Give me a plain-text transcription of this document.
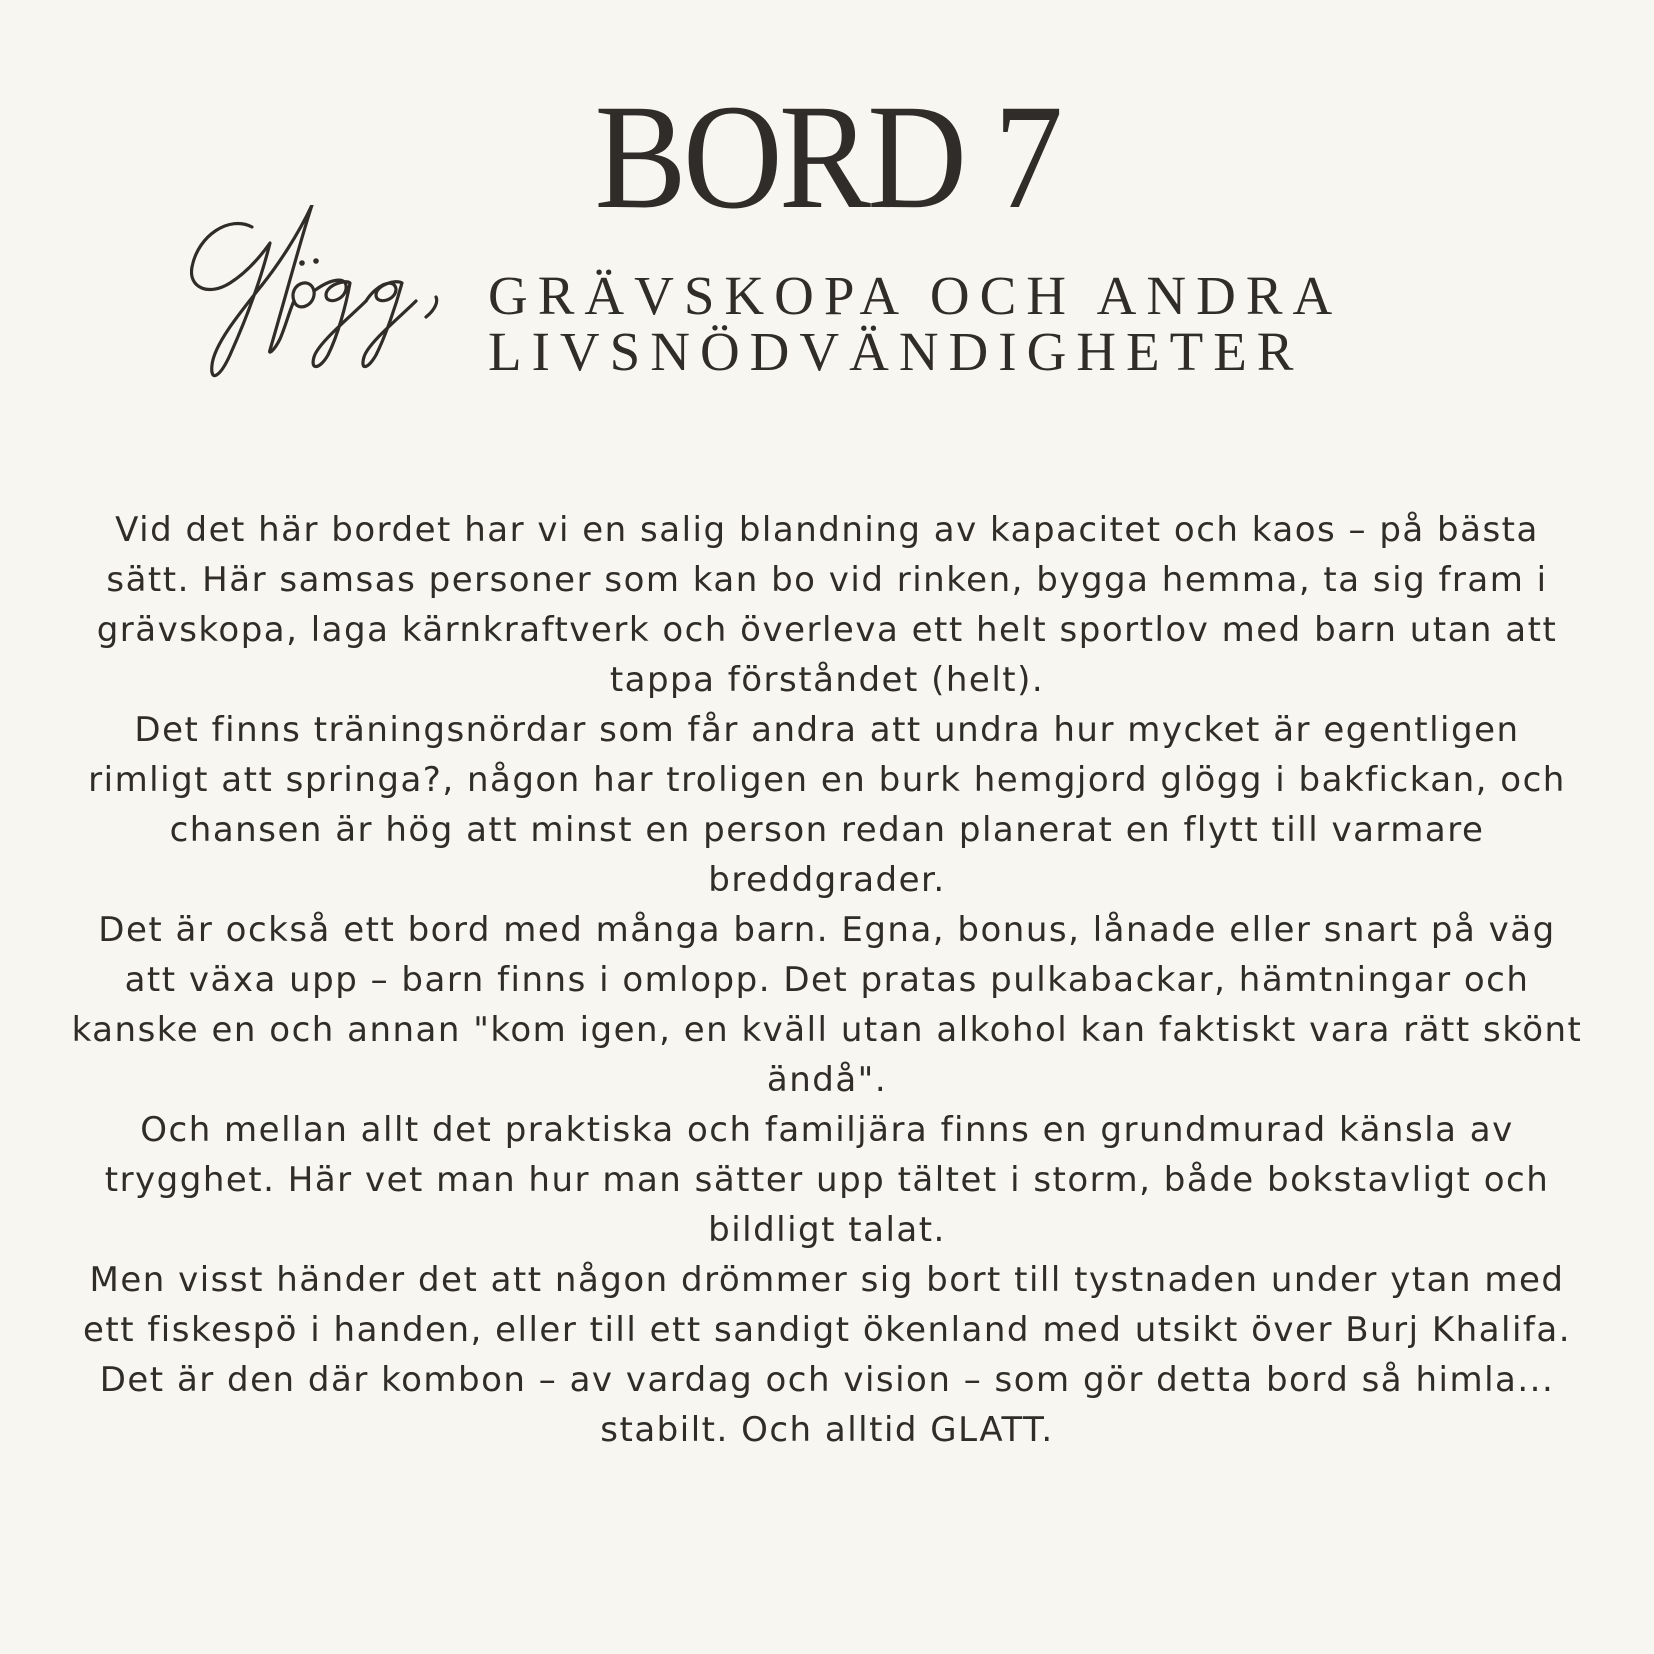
BORD 7
GRÄVSKOPA OCH ANDRA
LIVSNÖDVÄNDIGHETER

Vid det här bordet har vi en salig blandning av kapacitet och kaos – på bästa sätt. Här samsas personer som kan bo vid rinken, bygga hemma, ta sig fram i grävskopa, laga kärnkraftverk och överleva ett helt sportlov med barn utan att tappa förståndet (helt).

Det finns träningsnördar som får andra att undra hur mycket är egentligen rimligt att springa?, någon har troligen en burk hemgjord glögg i bakfickan, och chansen är hög att minst en person redan planerat en flytt till varmare breddgrader.

Det är också ett bord med många barn. Egna, bonus, lånade eller snart på väg att växa upp – barn finns i omlopp. Det pratas pulkabackar, hämtningar och kanske en och annan "kom igen, en kväll utan alkohol kan faktiskt vara rätt skönt ändå".

Och mellan allt det praktiska och familjära finns en grundmurad känsla av trygghet. Här vet man hur man sätter upp tältet i storm, både bokstavligt och bildligt talat.

Men visst händer det att någon drömmer sig bort till tystnaden under ytan med ett fiskespö i handen, eller till ett sandigt ökenland med utsikt över Burj Khalifa. Det är den där kombon – av vardag och vision – som gör detta bord så himla... stabilt. Och alltid GLATT.
